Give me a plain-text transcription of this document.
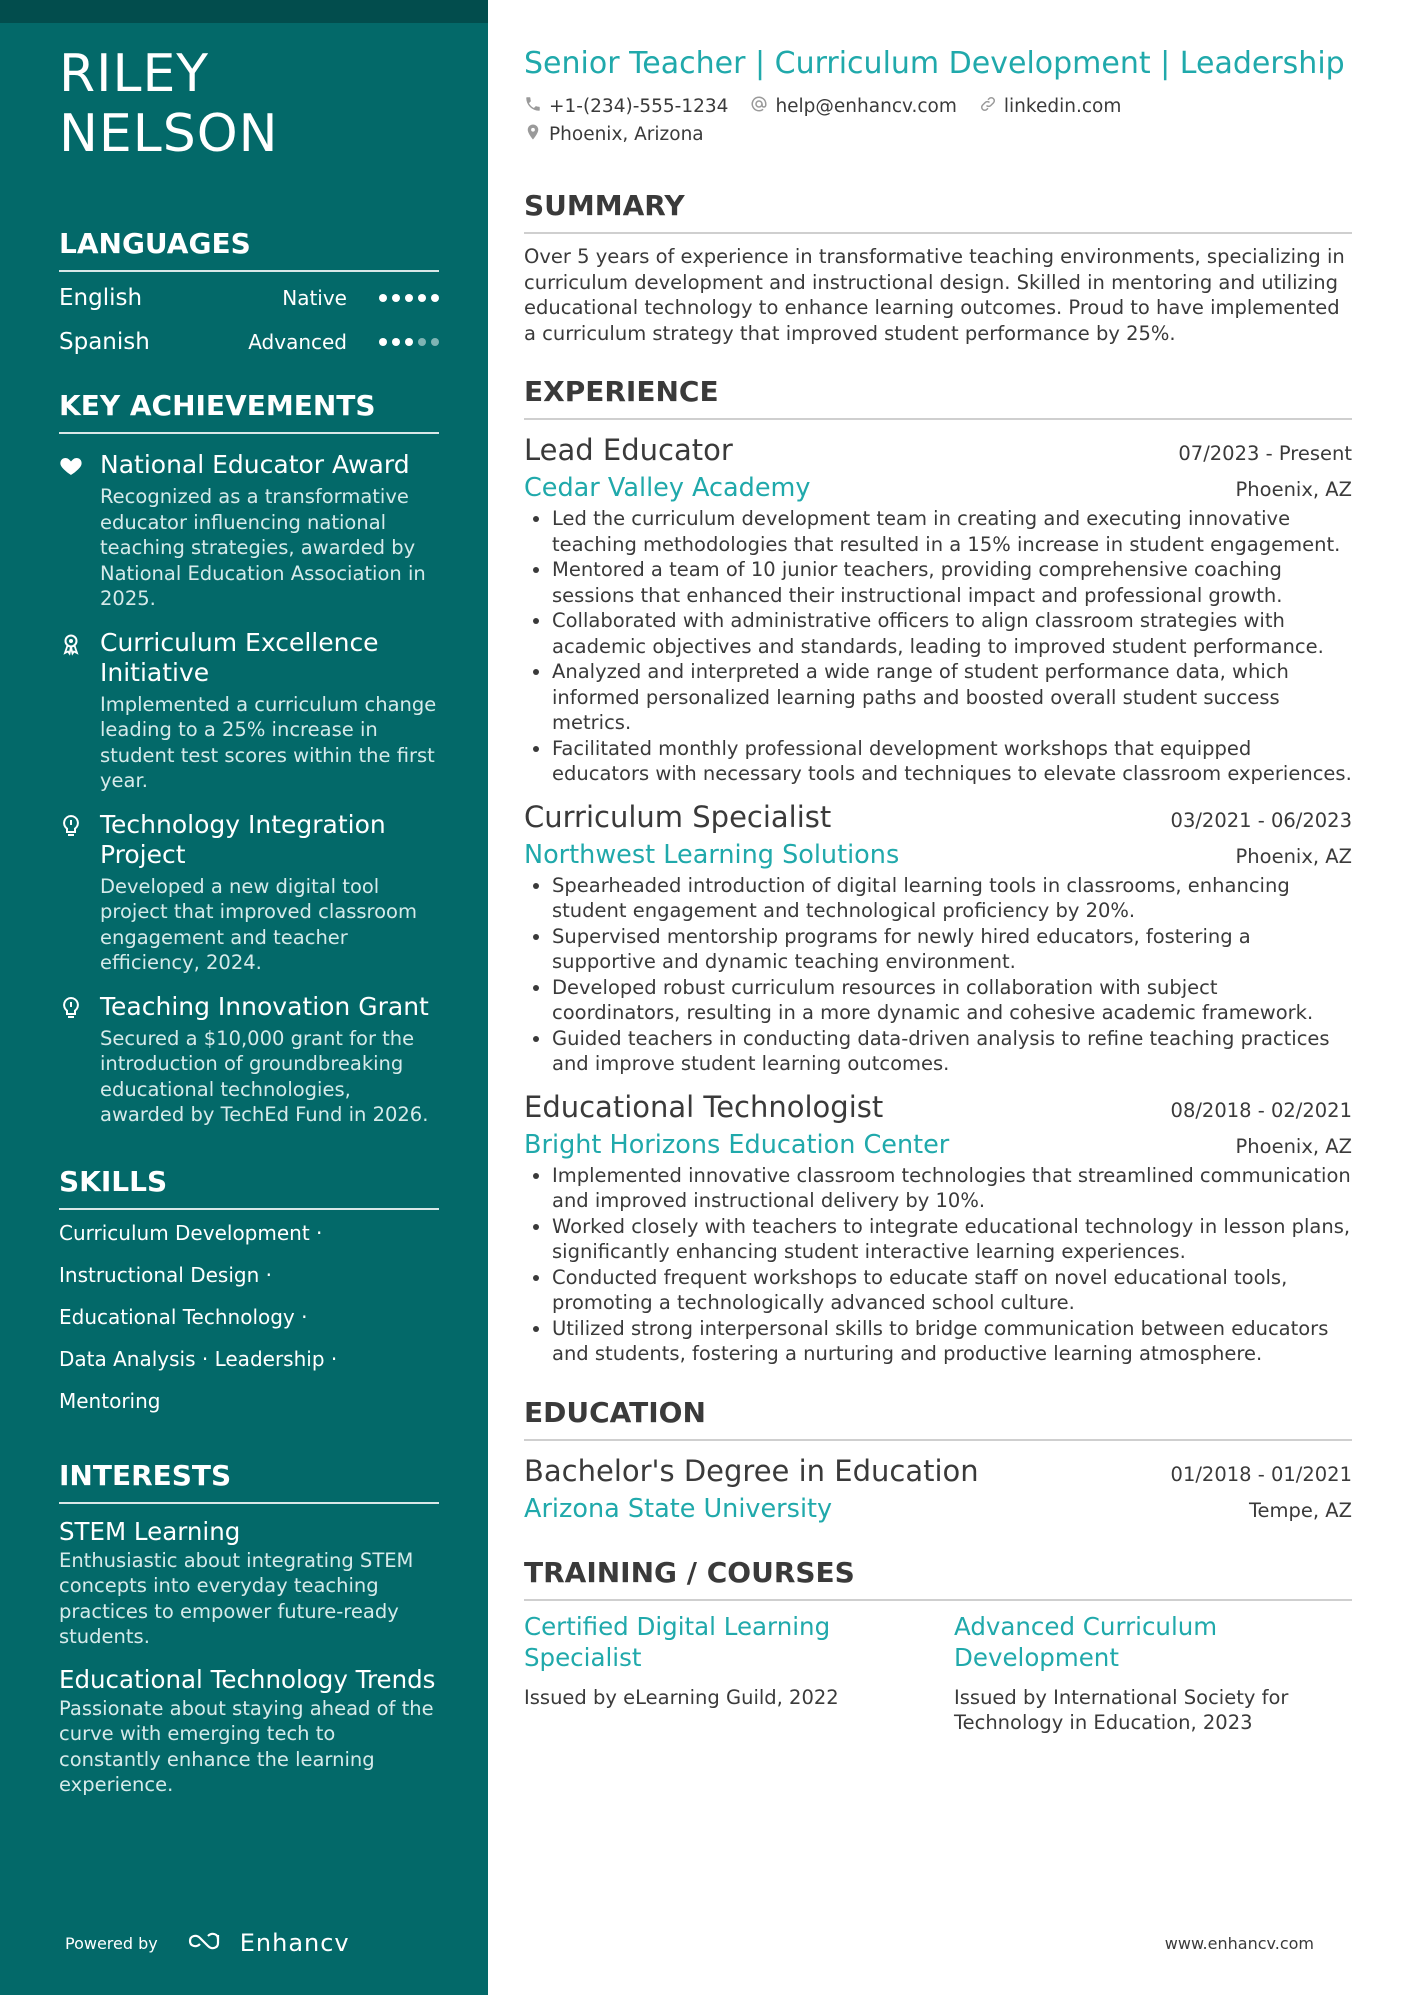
RILEY NELSON
LANGUAGES
English	Native
Spanish	Advanced
KEY ACHIEVEMENTS
National Educator Award
Recognized as a transformative educator influencing national teaching strategies, awarded by National Education Association in 2025.
Curriculum Excellence Initiative
Implemented a curriculum change leading to a 25% increase in student test scores within the first year.
Technology Integration Project
Developed a new digital tool project that improved classroom engagement and teacher efficiency, 2024.
Teaching Innovation Grant
Secured a $10,000 grant for the introduction of groundbreaking educational technologies, awarded by TechEd Fund in 2026.
SKILLS
Curriculum Development ·
Instructional Design ·
Educational Technology ·
Data Analysis · Leadership · Mentoring
INTERESTS
STEM Learning
Enthusiastic about integrating STEM concepts into everyday teaching practices to empower future-ready students.
Educational Technology Trends
Passionate about staying ahead of the curve with emerging tech to constantly enhance the learning experience.
Powered by	Enhancv
Senior Teacher | Curriculum Development | Leadership
+1-(234)-555-1234	help@enhancv.com	linkedin.com
Phoenix, Arizona
SUMMARY
Over 5 years of experience in transformative teaching environments, specializing in curriculum development and instructional design. Skilled in mentoring and utilizing educational technology to enhance learning outcomes. Proud to have implemented a curriculum strategy that improved student performance by 25%.
EXPERIENCE
Lead Educator	07/2023 - Present
Cedar Valley Academy	Phoenix, AZ
• Led the curriculum development team in creating and executing innovative teaching methodologies that resulted in a 15% increase in student engagement.
• Mentored a team of 10 junior teachers, providing comprehensive coaching sessions that enhanced their instructional impact and professional growth.
• Collaborated with administrative officers to align classroom strategies with academic objectives and standards, leading to improved student performance.
• Analyzed and interpreted a wide range of student performance data, which informed personalized learning paths and boosted overall student success metrics.
• Facilitated monthly professional development workshops that equipped educators with necessary tools and techniques to elevate classroom experiences.
Curriculum Specialist	03/2021 - 06/2023
Northwest Learning Solutions	Phoenix, AZ
• Spearheaded introduction of digital learning tools in classrooms, enhancing student engagement and technological proficiency by 20%.
• Supervised mentorship programs for newly hired educators, fostering a supportive and dynamic teaching environment.
• Developed robust curriculum resources in collaboration with subject coordinators, resulting in a more dynamic and cohesive academic framework.
• Guided teachers in conducting data-driven analysis to refine teaching practices and improve student learning outcomes.
Educational Technologist	08/2018 - 02/2021
Bright Horizons Education Center	Phoenix, AZ
• Implemented innovative classroom technologies that streamlined communication and improved instructional delivery by 10%.
• Worked closely with teachers to integrate educational technology in lesson plans, significantly enhancing student interactive learning experiences.
• Conducted frequent workshops to educate staff on novel educational tools, promoting a technologically advanced school culture.
• Utilized strong interpersonal skills to bridge communication between educators and students, fostering a nurturing and productive learning atmosphere.
EDUCATION
Bachelor's Degree in Education	01/2018 - 01/2021
Arizona State University	Tempe, AZ
TRAINING / COURSES
Certified Digital Learning Specialist
Issued by eLearning Guild, 2022
Advanced Curriculum Development
Issued by International Society for Technology in Education, 2023
www.enhancv.com
